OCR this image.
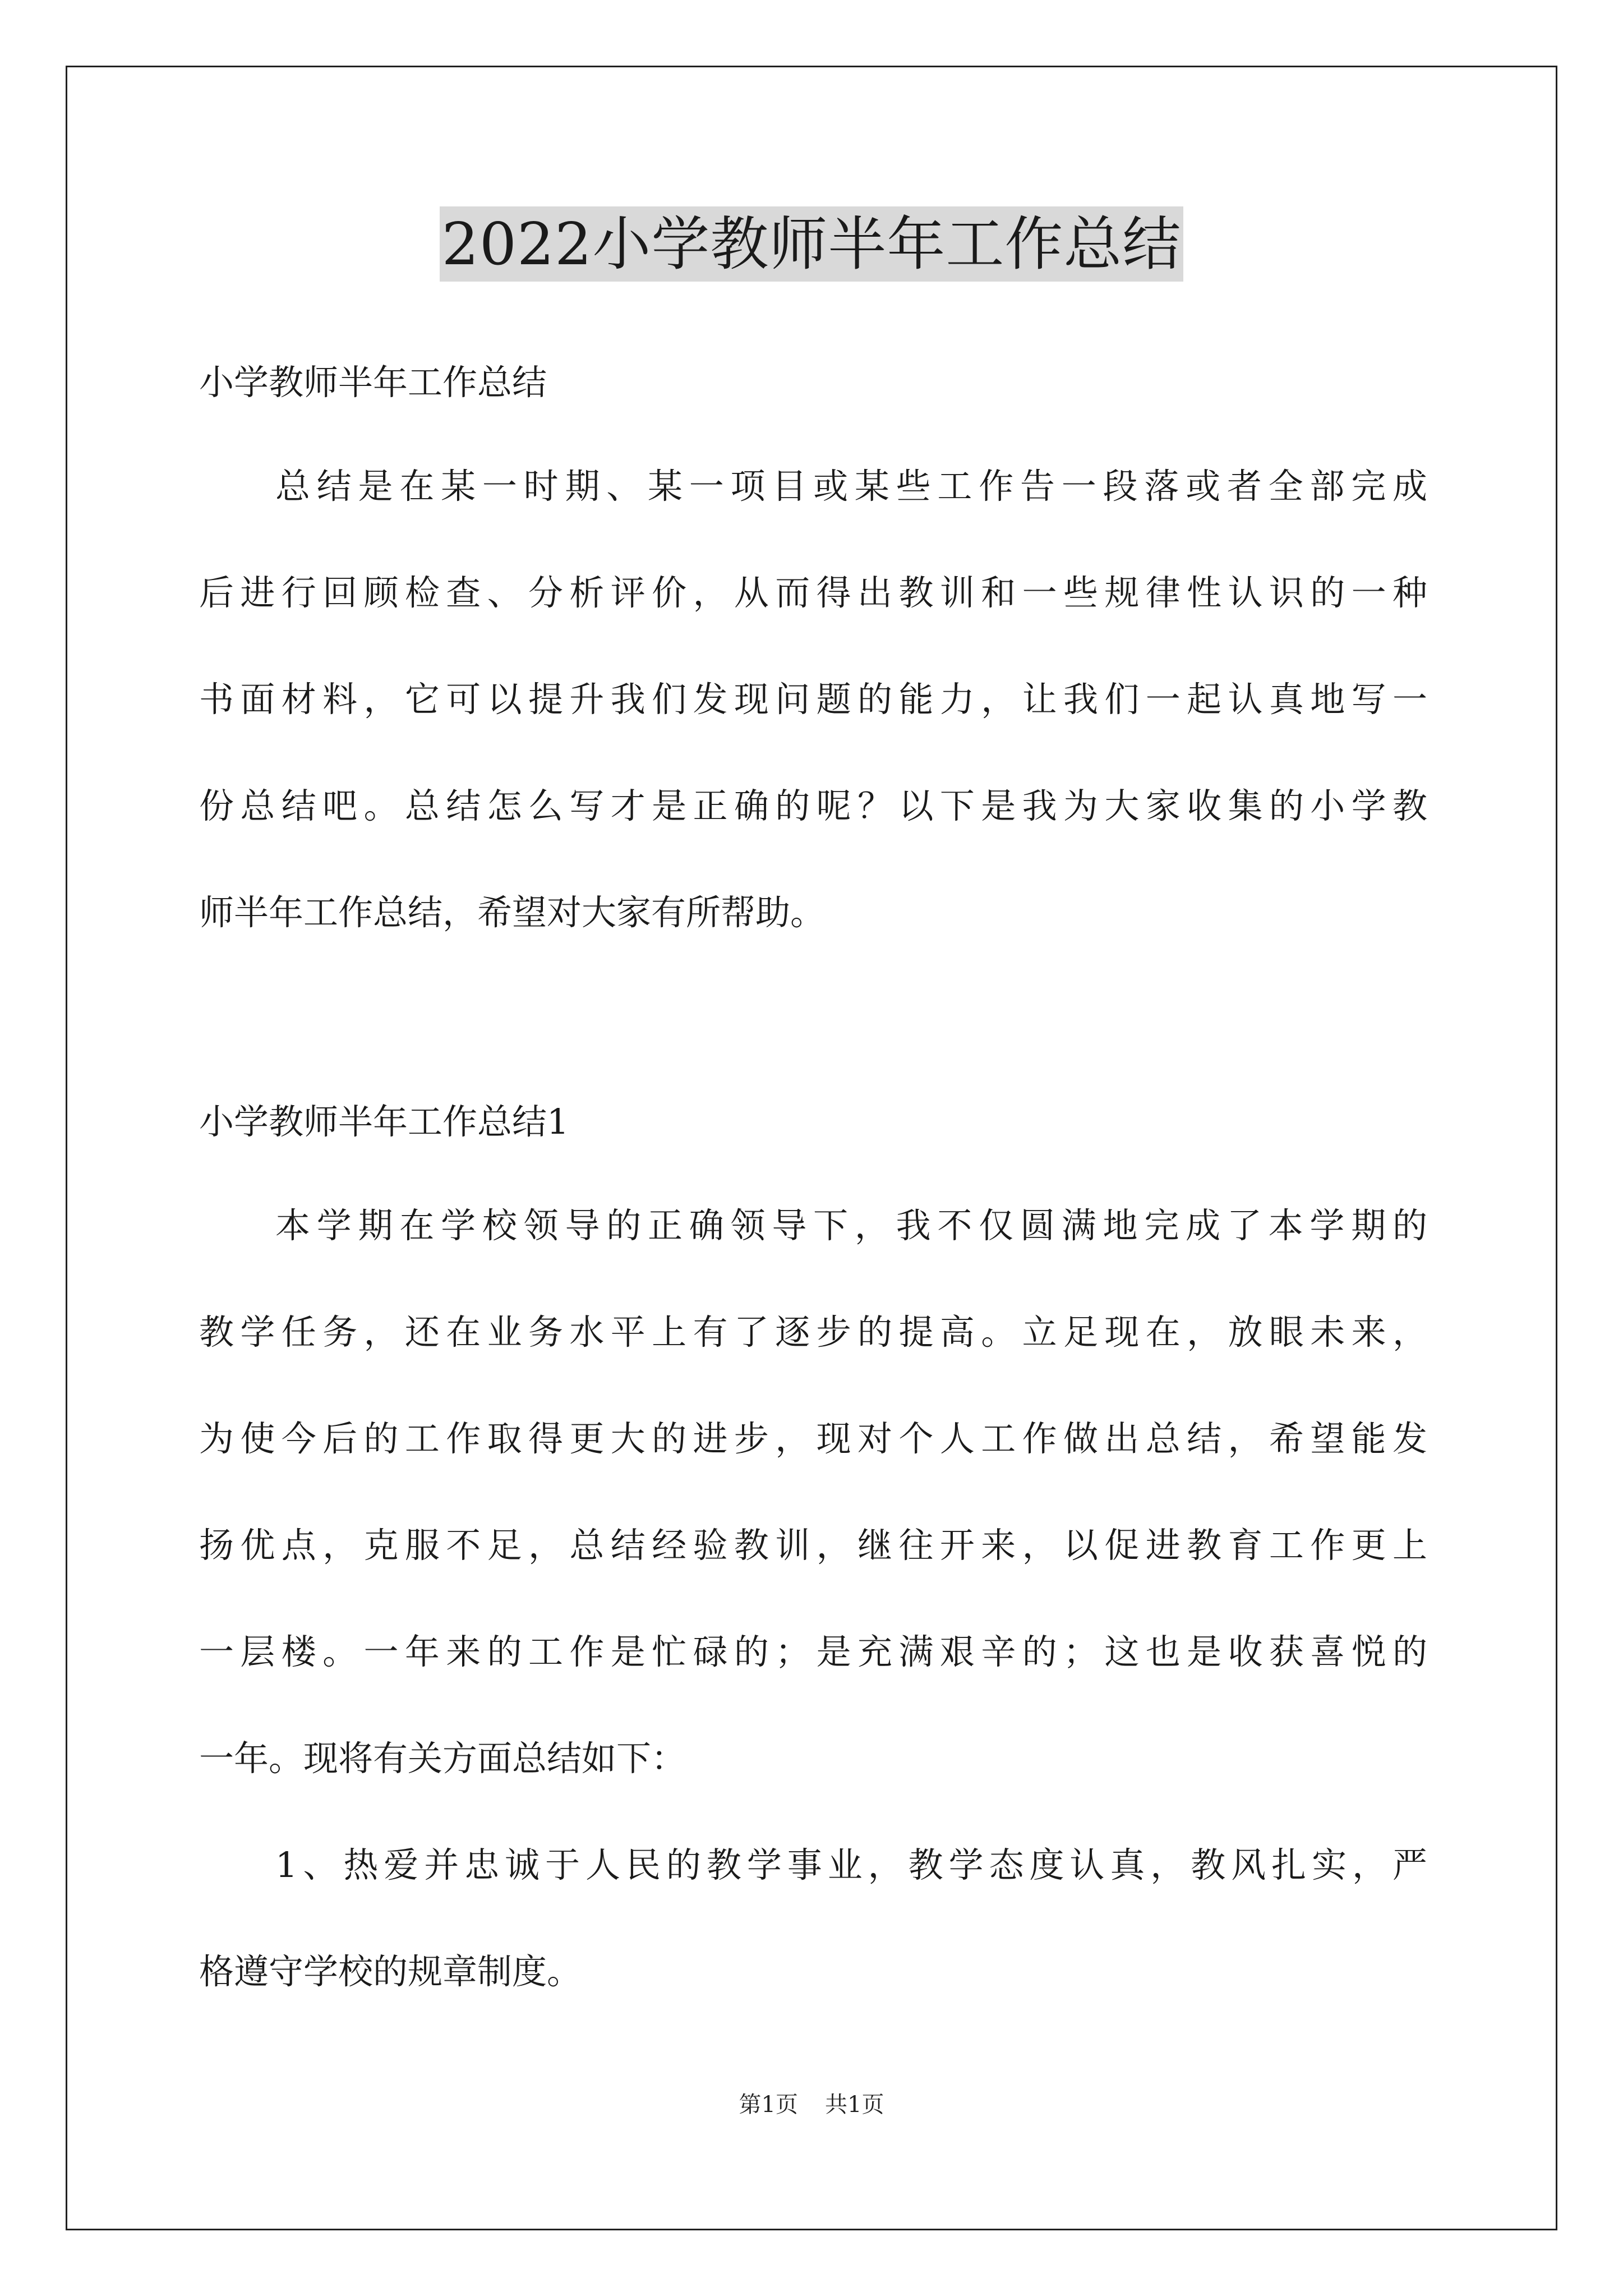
2022小学教师半年工作总结
小学教师半年工作总结
总结是在某一时期、某一项目或某些工作告一段落或者全部完成
后进行回顾检查、分析评价，从而得出教训和一些规律性认识的一种
书面材料，它可以提升我们发现问题的能力，让我们一起认真地写一
份总结吧。总结怎么写才是正确的呢？以下是我为大家收集的小学教
师半年工作总结，希望对大家有所帮助。
小学教师半年工作总结1
本学期在学校领导的正确领导下，我不仅圆满地完成了本学期的
教学任务，还在业务水平上有了逐步的提高。立足现在，放眼未来，
为使今后的工作取得更大的进步，现对个人工作做出总结，希望能发
扬优点，克服不足，总结经验教训，继往开来，以促进教育工作更上
一层楼。一年来的工作是忙碌的；是充满艰辛的；这也是收获喜悦的
一年。现将有关方面总结如下：
1、热爱并忠诚于人民的教学事业，教学态度认真，教风扎实，严
格遵守学校的规章制度。
第1页 共1页
